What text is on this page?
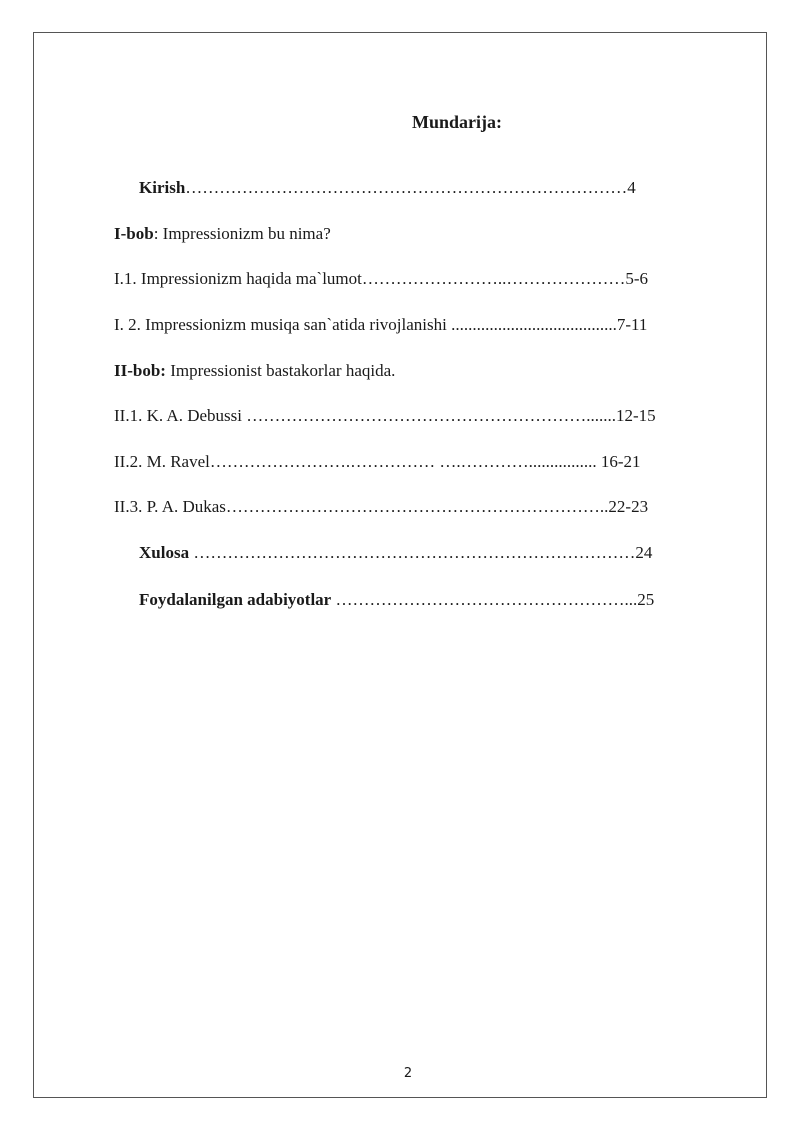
Mundarija:
Kirish……………………………………………………………………4
I-bob: Impressionizm bu nima?
I.1. Impressionizm haqida ma`lumot……………………..…………………5-6
I. 2. Impressionizm musiqa san`atida rivojlanishi .......................................7-11
II-bob: Impressionist bastakorlar haqida.
II.1. K. A. Debussi …………………………………………………….......12-15
II.2. M. Ravel…………………….…………… ….…………................ 16-21
II.3. P. A. Dukas…………………………………………………………..22-23
Xulosa ……………………………………………………………………24
Foydalanilgan adabiyotlar ……………………………………………...25
2
